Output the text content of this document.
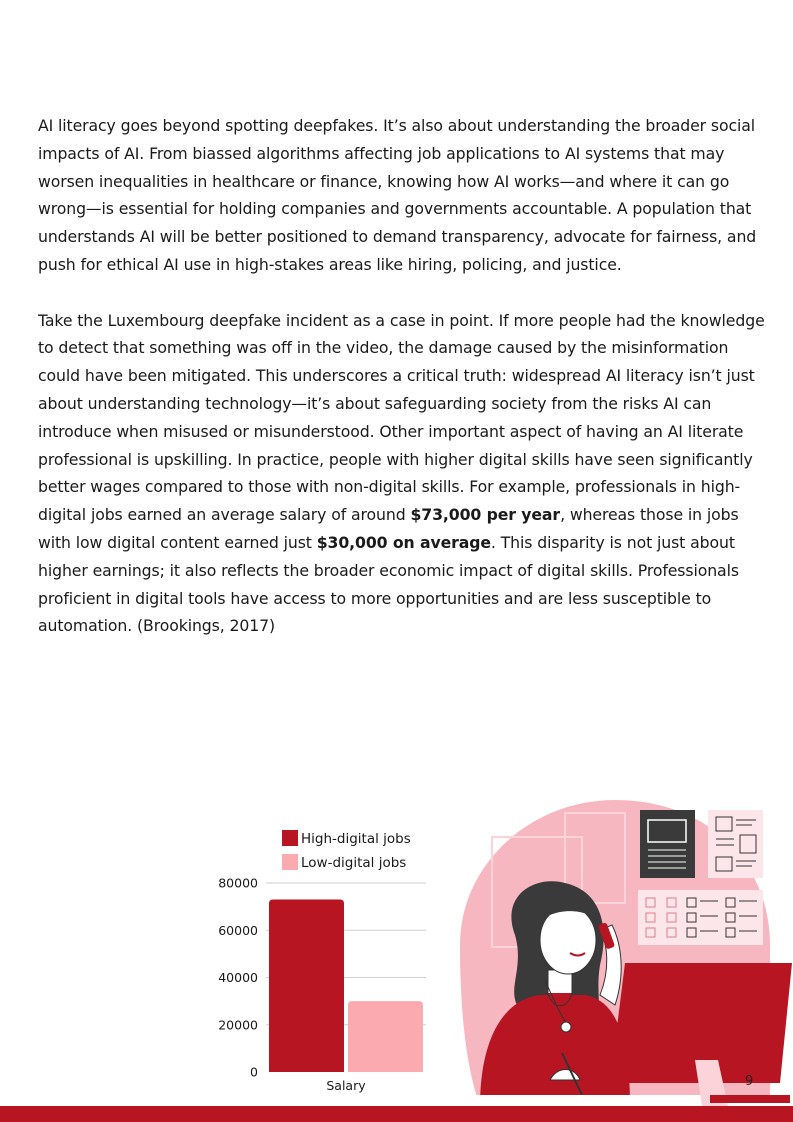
AI literacy goes beyond spotting deepfakes. It’s also about understanding the broader social impacts of AI. From biassed algorithms affecting job applications to AI systems that may worsen inequalities in healthcare or finance, knowing how AI works—and where it can go wrong—is essential for holding companies and governments accountable. A population that understands AI will be better positioned to demand transparency, advocate for fairness, and push for ethical AI use in high-stakes areas like hiring, policing, and justice.

Take the Luxembourg deepfake incident as a case in point. If more people had the knowledge to detect that something was off in the video, the damage caused by the misinformation could have been mitigated. This underscores a critical truth: widespread AI literacy isn’t just about understanding technology—it’s about safeguarding society from the risks AI can introduce when misused or misunderstood. Other important aspect of having an AI literate professional is upskilling. In practice, people with higher digital skills have seen significantly better wages compared to those with non-digital skills. For example, professionals in high-digital jobs earned an average salary of around $73,000 per year, whereas those in jobs with low digital content earned just $30,000 on average. This disparity is not just about higher earnings; it also reflects the broader economic impact of digital skills. Professionals proficient in digital tools have access to more opportunities and are less susceptible to automation. (Brookings, 2017)

High-digital jobs
Low-digital jobs
0
20000
40000
60000
80000
Salary	9
